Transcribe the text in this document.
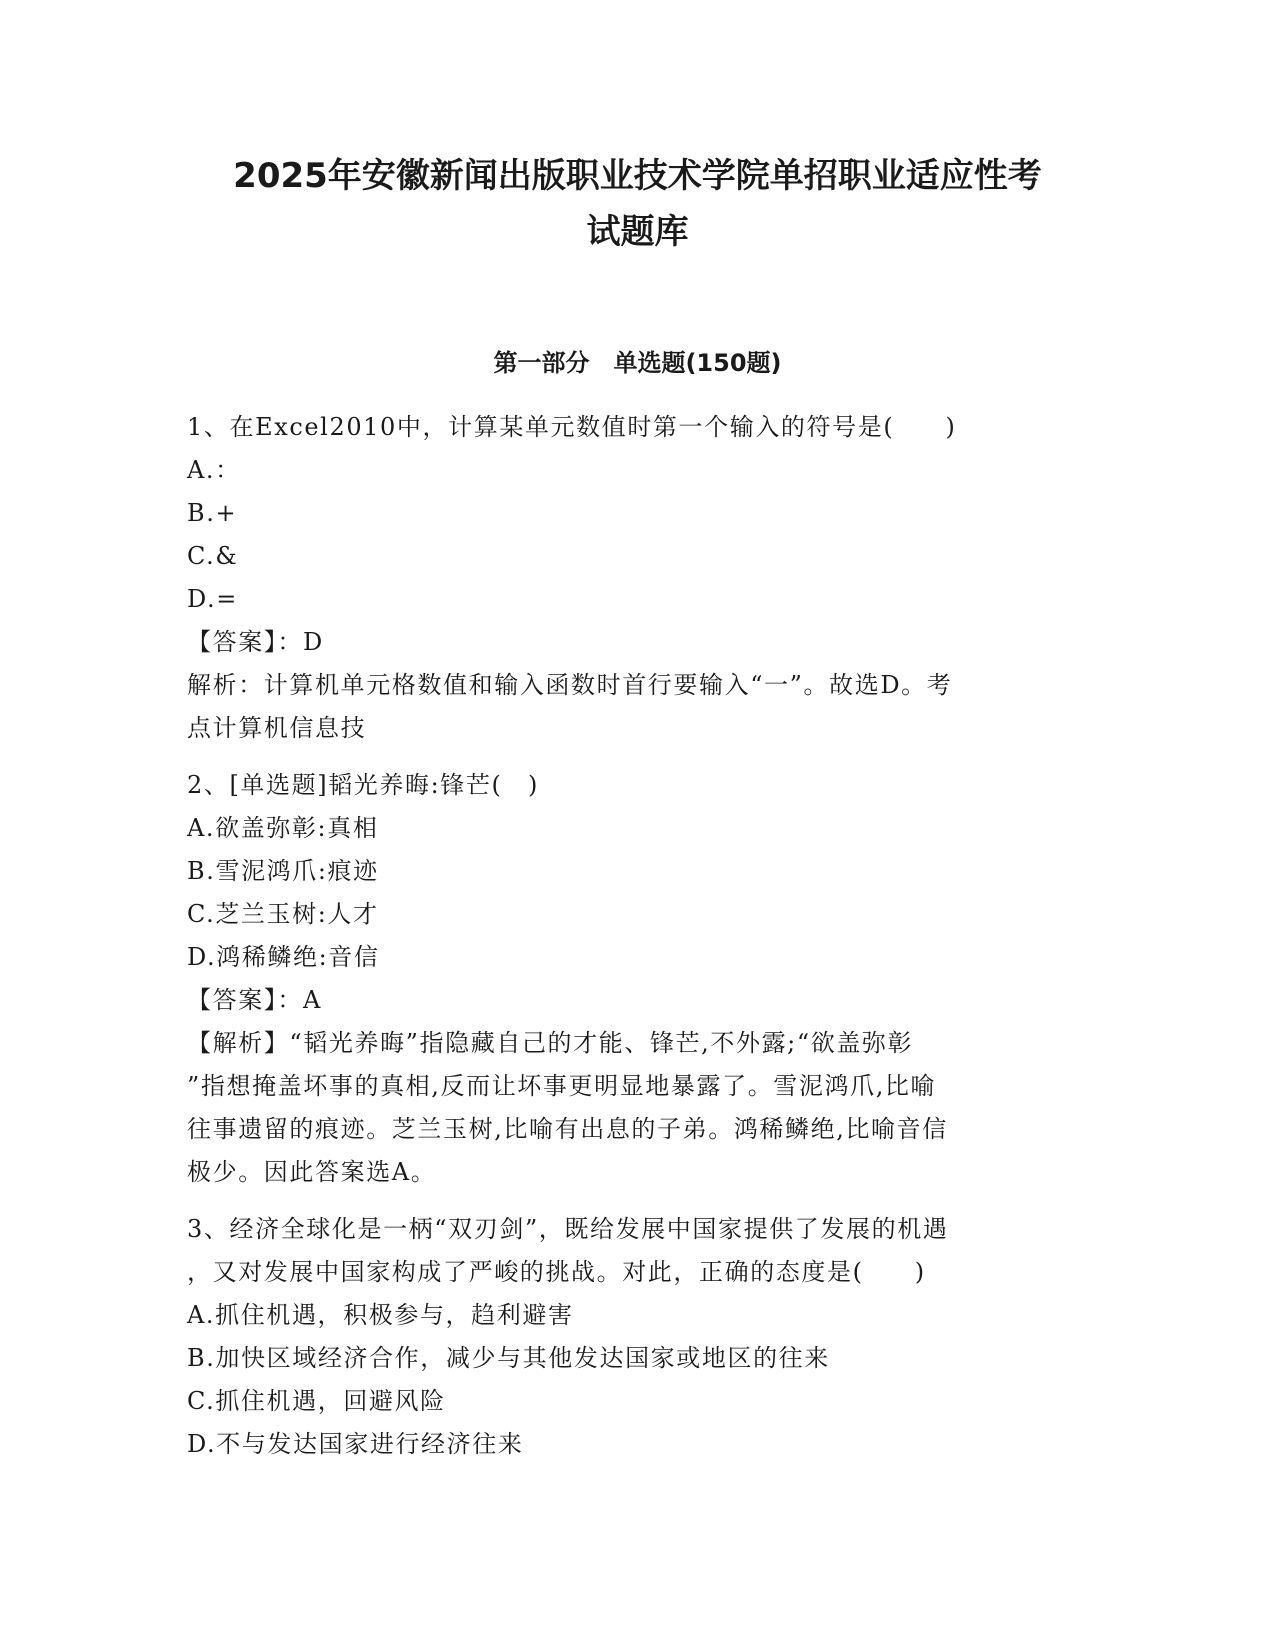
2025年安徽新闻出版职业技术学院单招职业适应性考
试题库
第一部分　单选题(150题)
1、在Excel2010中，计算某单元数值时第一个输入的符号是(　　)
A.：
B.+
C.&
D.=
【答案】：D
解析：计算机单元格数值和输入函数时首行要输入“一”。故选D。考
点计算机信息技
2、[单选题]韬光养晦:锋芒(　)
A.欲盖弥彰:真相
B.雪泥鸿爪:痕迹
C.芝兰玉树:人才
D.鸿稀鳞绝:音信
【答案】：A
【解析】“韬光养晦”指隐藏自己的才能、锋芒,不外露;“欲盖弥彰
”指想掩盖坏事的真相,反而让坏事更明显地暴露了。雪泥鸿爪,比喻
往事遗留的痕迹。芝兰玉树,比喻有出息的子弟。鸿稀鳞绝,比喻音信
极少。因此答案选A。
3、经济全球化是一柄“双刃剑”，既给发展中国家提供了发展的机遇
，又对发展中国家构成了严峻的挑战。对此，正确的态度是(　　)
A.抓住机遇，积极参与，趋利避害
B.加快区域经济合作，减少与其他发达国家或地区的往来
C.抓住机遇，回避风险
D.不与发达国家进行经济往来
